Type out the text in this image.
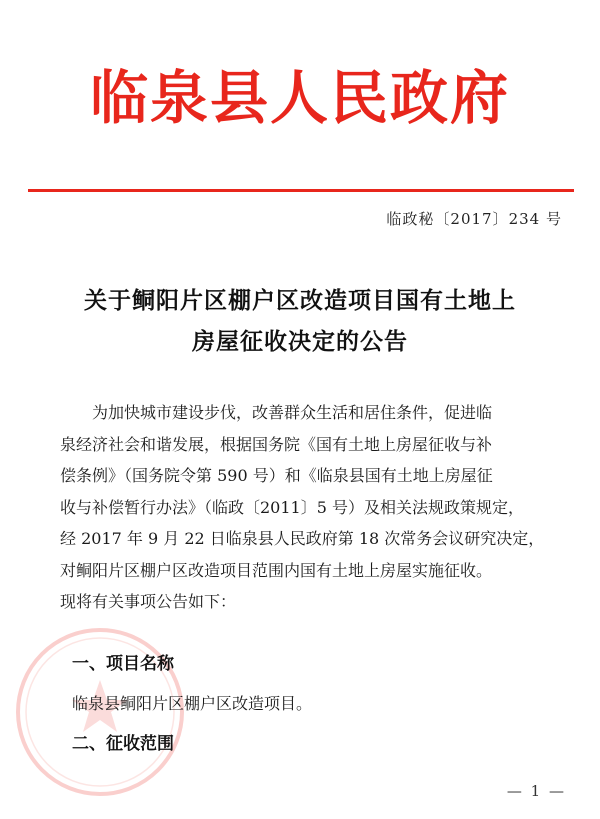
临泉县人民政府
临政秘〔2017〕234 号
关于鲖阳片区棚户区改造项目国有土地上
房屋征收决定的公告
为加快城市建设步伐，改善群众生活和居住条件，促进临
泉经济社会和谐发展，根据国务院《国有土地上房屋征收与补
偿条例》（国务院令第 590 号）和《临泉县国有土地上房屋征
收与补偿暂行办法》（临政〔2011〕5 号）及相关法规政策规定，
经 2017 年 9 月 22 日临泉县人民政府第 18 次常务会议研究决定，
对鲖阳片区棚户区改造项目范围内国有土地上房屋实施征收。
现将有关事项公告如下：
一、项目名称
临泉县鲖阳片区棚户区改造项目。
二、征收范围
— 1 —
